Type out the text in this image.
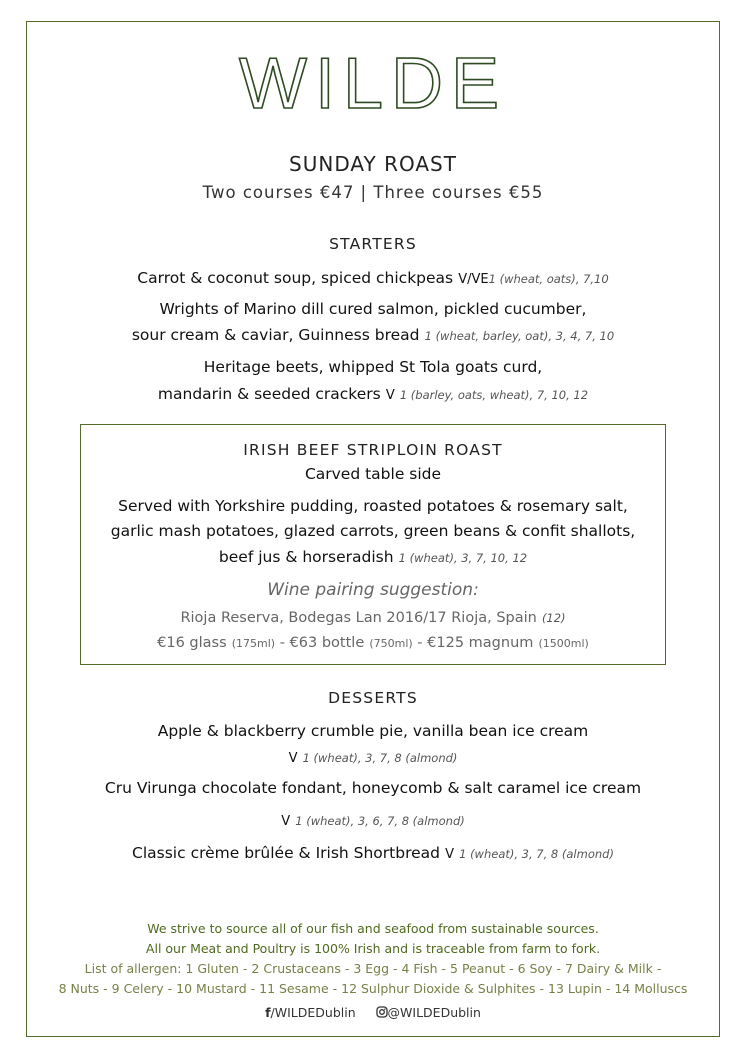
WILDE
SUNDAY ROAST
Two courses €47 | Three courses €55
STARTERS
Carrot & coconut soup, spiced chickpeas V/VE1 (wheat, oats), 7,10
Wrights of Marino dill cured salmon, pickled cucumber,
sour cream & caviar, Guinness bread 1 (wheat, barley, oat), 3, 4, 7, 10
Heritage beets, whipped St Tola goats curd,
mandarin & seeded crackers V 1 (barley, oats, wheat), 7, 10, 12
IRISH BEEF STRIPLOIN ROAST
Carved table side
Served with Yorkshire pudding, roasted potatoes & rosemary salt,
garlic mash potatoes, glazed carrots, green beans & confit shallots,
beef jus & horseradish 1 (wheat), 3, 7, 10, 12
Wine pairing suggestion:
Rioja Reserva, Bodegas Lan 2016/17 Rioja, Spain (12)
€16 glass (175ml) - €63 bottle (750ml) - €125 magnum (1500ml)
DESSERTS
Apple & blackberry crumble pie, vanilla bean ice cream
V 1 (wheat), 3, 7, 8 (almond)
Cru Virunga chocolate fondant, honeycomb & salt caramel ice cream
V 1 (wheat), 3, 6, 7, 8 (almond)
Classic crème brûlée & Irish Shortbread V 1 (wheat), 3, 7, 8 (almond)
We strive to source all of our fish and seafood from sustainable sources.
All our Meat and Poultry is 100% Irish and is traceable from farm to fork.
List of allergen: 1 Gluten - 2 Crustaceans - 3 Egg - 4 Fish - 5 Peanut - 6 Soy - 7 Dairy & Milk -
8 Nuts - 9 Celery - 10 Mustard - 11 Sesame - 12 Sulphur Dioxide & Sulphites - 13 Lupin - 14 Molluscs
f/WILDEDublin	@WILDEDublin
